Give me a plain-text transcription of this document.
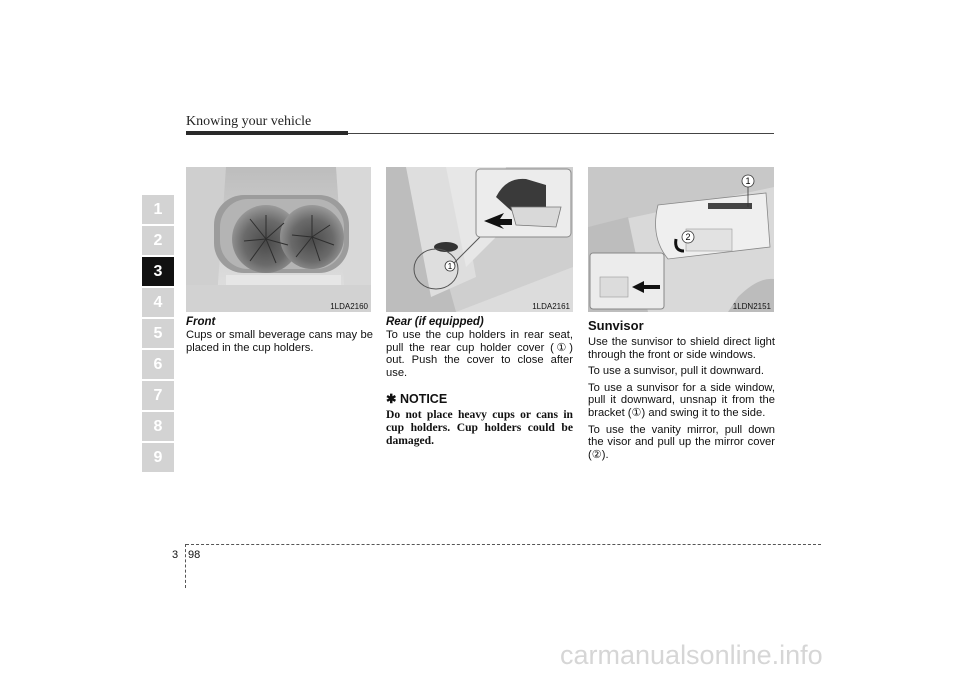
Knowing your vehicle
1
2
3
4
5
6
7
8
9
1LDA2160
1
1LDA2161
1
2
1LDN2151

Front

Cups or small beverage cans may be placed in the cup holders.

Rear (if equipped)

To use the cup holders in rear seat, pull the rear cup holder cover (①) out. Push the cover to close after use.

✱ NOTICE

Do not place heavy cups or cans in cup holders. Cup holders could be damaged.

Sunvisor

Use the sunvisor to shield direct light through the front or side windows.

To use a sunvisor, pull it downward.

To use a sunvisor for a side window, pull it downward, unsnap it from the bracket (①) and swing it to the side.

To use the vanity mirror, pull down the visor and pull up the mirror cover (②).

3 98
carmanualsonline.info
